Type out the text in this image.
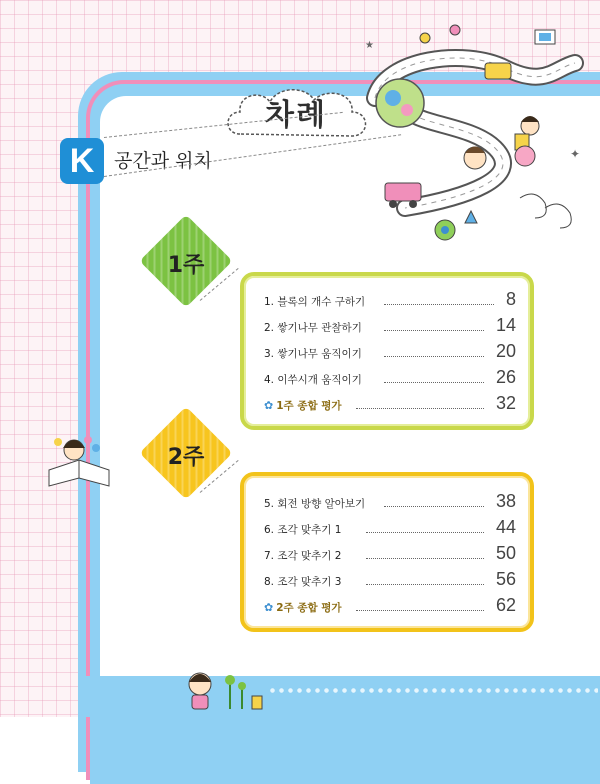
✦
★
차례
K	공간과 위치
1주
1. 블록의 개수 구하기	8
2. 쌓기나무 관찰하기	14
3. 쌓기나무 움직이기	20
4. 이쑤시개 움직이기	26
✿ 1주 종합 평가	32
2주
5. 회전 방향 알아보기	38
6. 조각 맞추기 1	44
7. 조각 맞추기 2	50
8. 조각 맞추기 3	56
✿ 2주 종합 평가	62
